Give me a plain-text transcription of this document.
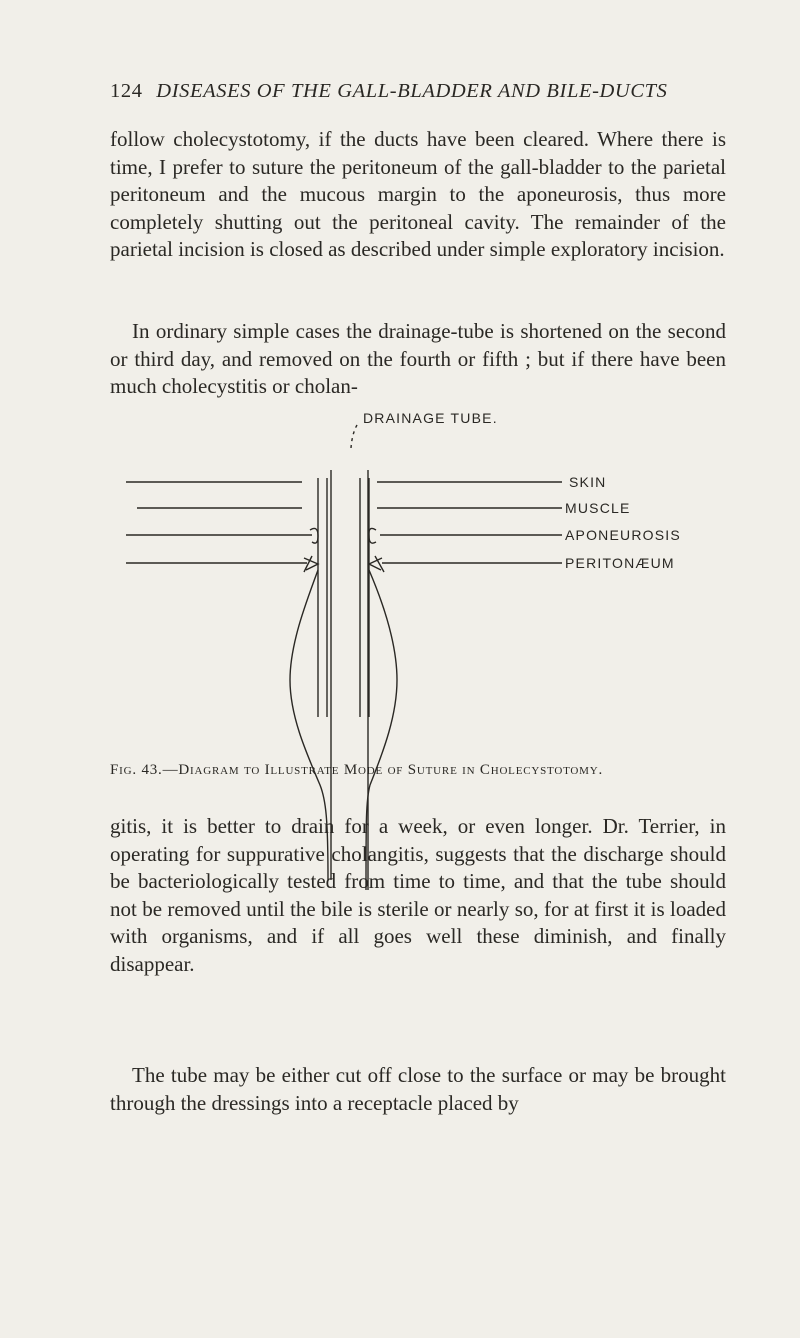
124 DISEASES OF THE GALL-BLADDER AND BILE-DUCTS

follow cholecystotomy, if the ducts have been cleared. Where there is time, I prefer to suture the peritoneum of the gall-bladder to the parietal peritoneum and the mucous margin to the aponeurosis, thus more completely shutting out the peritoneal cavity. The remainder of the parietal incision is closed as described under simple exploratory incision.

In ordinary simple cases the drainage-tube is shortened on the second or third day, and removed on the fourth or fifth ; but if there have been much cholecystitis or cholan-

DRAINAGE TUBE.
SKIN
MUSCLE
APONEUROSIS
PERITONÆUM
Fig. 43.—Diagram to Illustrate Mode of Suture in Cholecystotomy.

gitis, it is better to drain for a week, or even longer. Dr. Terrier, in operating for suppurative cholangitis, suggests that the discharge should be bacteriologically tested from time to time, and that the tube should not be removed until the bile is sterile or nearly so, for at first it is loaded with organisms, and if all goes well these diminish, and finally disappear.

The tube may be either cut off close to the surface or may be brought through the dressings into a receptacle placed by
